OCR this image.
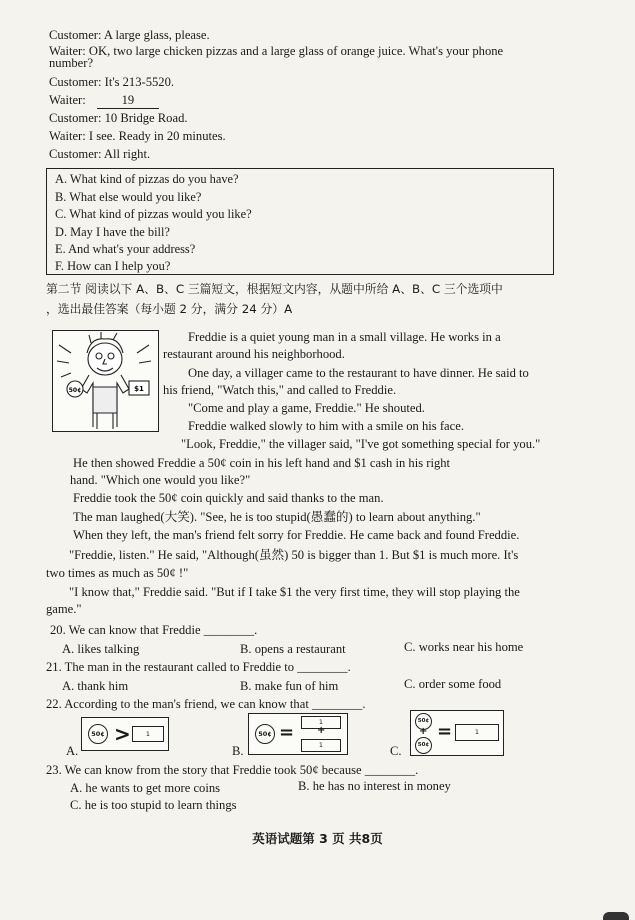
Customer: A large glass, please.
Waiter: OK, two large chicken pizzas and a large glass of orange juice. What's your phone number?
Customer: It's 213-5520.
Waiter:	19
Customer: 10 Bridge Road.
Waiter: I see. Ready in 20 minutes.
Customer: All right.
A. What kind of pizzas do you have?
B. What else would you like?
C. What kind of pizzas would you like?
D. May I have the bill?
E. And what's your address?
F. How can I help you?
第二节 阅读以下 A、B、C 三篇短文，根据短文内容，从题中所给 A、B、C 三个选项中
，选出最佳答案（每小题 2 分，满分 24 分）A
50¢	$1
Freddie is a quiet young man in a small village. He works in a
restaurant around his neighborhood.
One day, a villager came to the restaurant to have dinner. He said to
his friend, "Watch this," and called to Freddie.
"Come and play a game, Freddie." He shouted.
Freddie walked slowly to him with a smile on his face.
"Look, Freddie," the villager said, "I've got something special for you."
He then showed Freddie a 50¢ coin in his left hand and $1 cash in his right
hand. "Which one would you like?"
Freddie took the 50¢ coin quickly and said thanks to the man.
The man laughed(大笑). "See, he is too stupid(愚蠢的) to learn about anything."
When they left, the man's friend felt sorry for Freddie. He came back and found Freddie.
"Freddie, listen." He said, "Although(虽然) 50 is bigger than 1. But $1 is much more. It's
two times as much as 50¢ !"
"I know that," Freddie said. "But if I take $1 the very first time, they will stop playing the
game."
20. We can know that Freddie ________.
A. likes talking	B. opens a restaurant	C. works near his home
21. The man in the restaurant called to Freddie to ________.
A. thank him	B. make fun of him	C. order some food
22. According to the man's friend, we can know that ________.
A.	B.	C.
50¢ >	1	50¢ =	1
+
1
50¢
+
50¢
=	1
23. We can know from the story that Freddie took 50¢ because ________.
A. he wants to get more coins	B. he has no interest in money
C. he is too stupid to learn things
英语试题第 3 页 共8页
